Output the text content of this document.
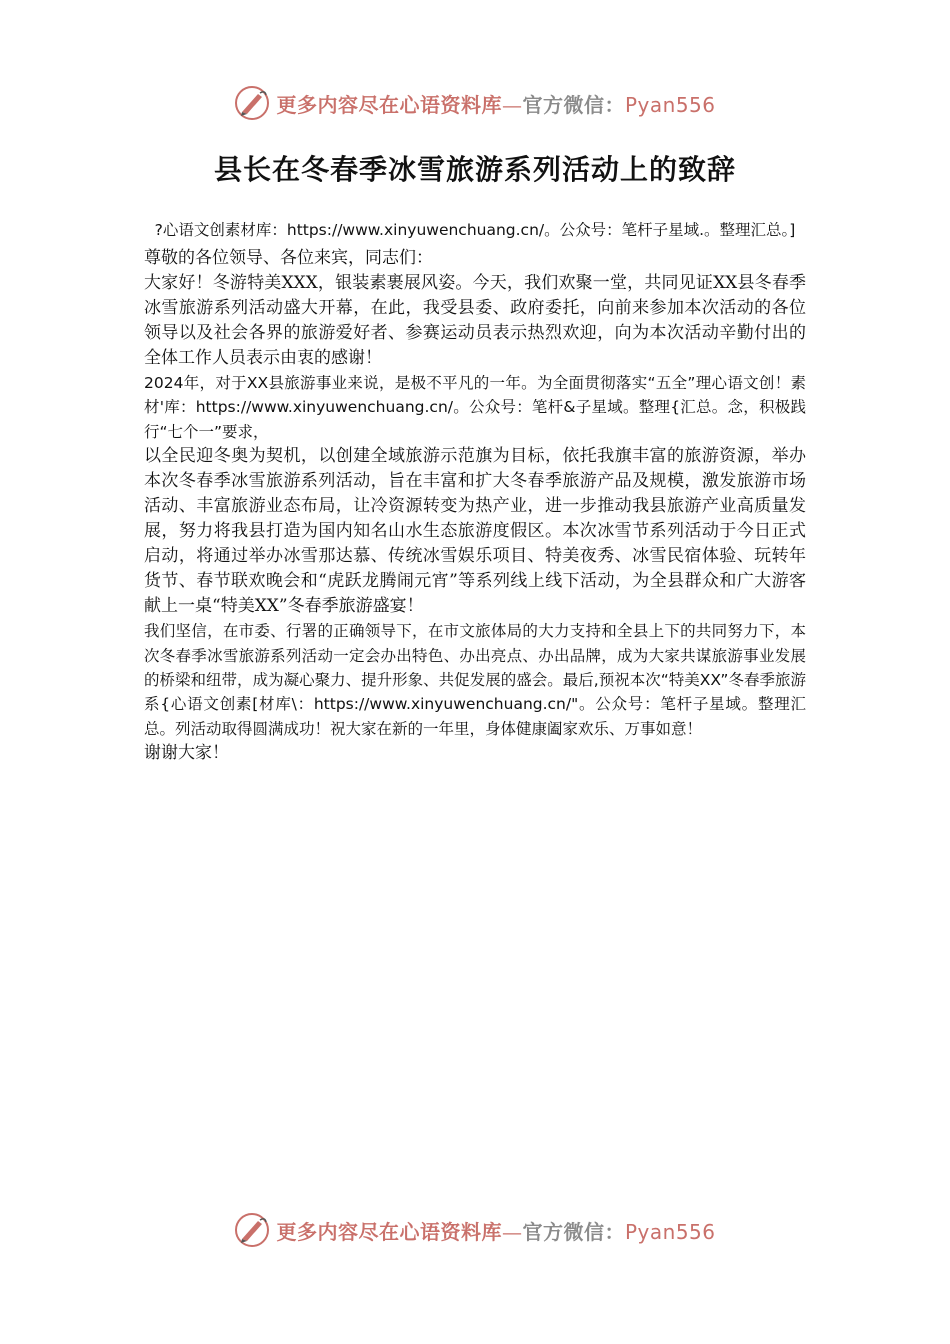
更多内容尽在心语资料库—官方微信：Pyan556
县长在冬春季冰雪旅游系列活动上的致辞

?心语文创素材库：https://www.xinyuwenchuang.cn/。公众号：笔杆子星域.。整理汇总。]

尊敬的各位领导、各位来宾，同志们：

大家好！冬游特美XXX，银装素裹展风姿。今天，我们欢聚一堂，共同见证XX县冬春季冰雪旅游系列活动盛大开幕，在此，我受县委、政府委托，向前来参加本次活动的各位领导以及社会各界的旅游爱好者、参赛运动员表示热烈欢迎，向为本次活动辛勤付出的全体工作人员表示由衷的感谢！

2024年，对于XX县旅游事业来说，是极不平凡的一年。为全面贯彻落实“五全”理心语文创！素材'库：https://www.xinyuwenchuang.cn/。公众号：笔杆&子星域。整理{汇总。念，积极践行“七个一”要求，

以全民迎冬奥为契机，以创建全域旅游示范旗为目标，依托我旗丰富的旅游资源，举办本次冬春季冰雪旅游系列活动，旨在丰富和扩大冬春季旅游产品及规模，激发旅游市场活动、丰富旅游业态布局，让冷资源转变为热产业，进一步推动我县旅游产业高质量发展，努力将我县打造为国内知名山水生态旅游度假区。本次冰雪节系列活动于今日正式启动，将通过举办冰雪那达慕、传统冰雪娱乐项目、特美夜秀、冰雪民宿体验、玩转年货节、春节联欢晚会和“虎跃龙腾闹元宵”等系列线上线下活动，为全县群众和广大游客献上一桌“特美XX”冬春季旅游盛宴！

我们坚信，在市委、行署的正确领导下，在市文旅体局的大力支持和全县上下的共同努力下，本次冬春季冰雪旅游系列活动一定会办出特色、办出亮点、办出品牌，成为大家共谋旅游事业发展的桥梁和纽带，成为凝心聚力、提升形象、共促发展的盛会。最后,预祝本次“特美XX”冬春季旅游系{心语文创素[材库\：https://www.xinyuwenchuang.cn/"。公众号：笔杆子星域。整理汇总。列活动取得圆满成功！祝大家在新的一年里，身体健康阖家欢乐、万事如意！

谢谢大家！

更多内容尽在心语资料库—官方微信：Pyan556
